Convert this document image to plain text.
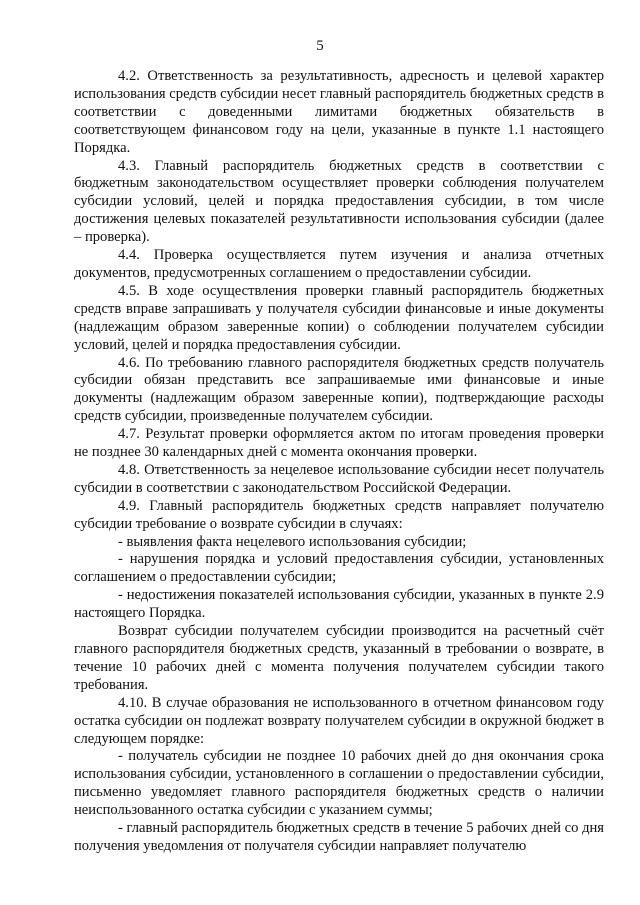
5

4.2. Ответственность за результативность, адресность и целевой характер использования средств субсидии несет главный распорядитель бюджетных средств в соответствии с доведенными лимитами бюджетных обязательств в соответствующем финансовом году на цели, указанные в пункте 1.1 настоящего Порядка.

4.3. Главный распорядитель бюджетных средств в соответствии с бюджетным законодательством осуществляет проверки соблюдения получателем субсидии условий, целей и порядка предоставления субсидии, в том числе достижения целевых показателей результативности использования субсидии (далее – проверка).

4.4. Проверка осуществляется путем изучения и анализа отчетных документов, предусмотренных соглашением о предоставлении субсидии.

4.5. В ходе осуществления проверки главный распорядитель бюджетных средств вправе запрашивать у получателя субсидии финансовые и иные документы (надлежащим образом заверенные копии) о соблюдении получателем субсидии условий, целей и порядка предоставления субсидии.

4.6. По требованию главного распорядителя бюджетных средств получатель субсидии обязан представить все запрашиваемые ими финансовые и иные документы (надлежащим образом заверенные копии), подтверждающие расходы средств субсидии, произведенные получателем субсидии.

4.7. Результат проверки оформляется актом по итогам проведения проверки не позднее 30 календарных дней с момента окончания проверки.

4.8. Ответственность за нецелевое использование субсидии несет получатель субсидии в соответствии с законодательством Российской Федерации.

4.9. Главный распорядитель бюджетных средств направляет получателю субсидии требование о возврате субсидии в случаях:

- выявления факта нецелевого использования субсидии;

- нарушения порядка и условий предоставления субсидии, установленных соглашением о предоставлении субсидии;

- недостижения показателей использования субсидии, указанных в пункте 2.9 настоящего Порядка.

Возврат субсидии получателем субсидии производится на расчетный счёт главного распорядителя бюджетных средств, указанный в требовании о возврате, в течение 10 рабочих дней с момента получения получателем субсидии такого требования.

4.10. В случае образования не использованного в отчетном финансовом году остатка субсидии он подлежат возврату получателем субсидии в окружной бюджет в следующем порядке:

- получатель субсидии не позднее 10 рабочих дней до дня окончания срока использования субсидии, установленного в соглашении о предоставлении субсидии, письменно уведомляет главного распорядителя бюджетных средств о наличии неиспользованного остатка субсидии с указанием суммы;

- главный распорядитель бюджетных средств в течение 5 рабочих дней со дня получения уведомления от получателя субсидии направляет получателю
